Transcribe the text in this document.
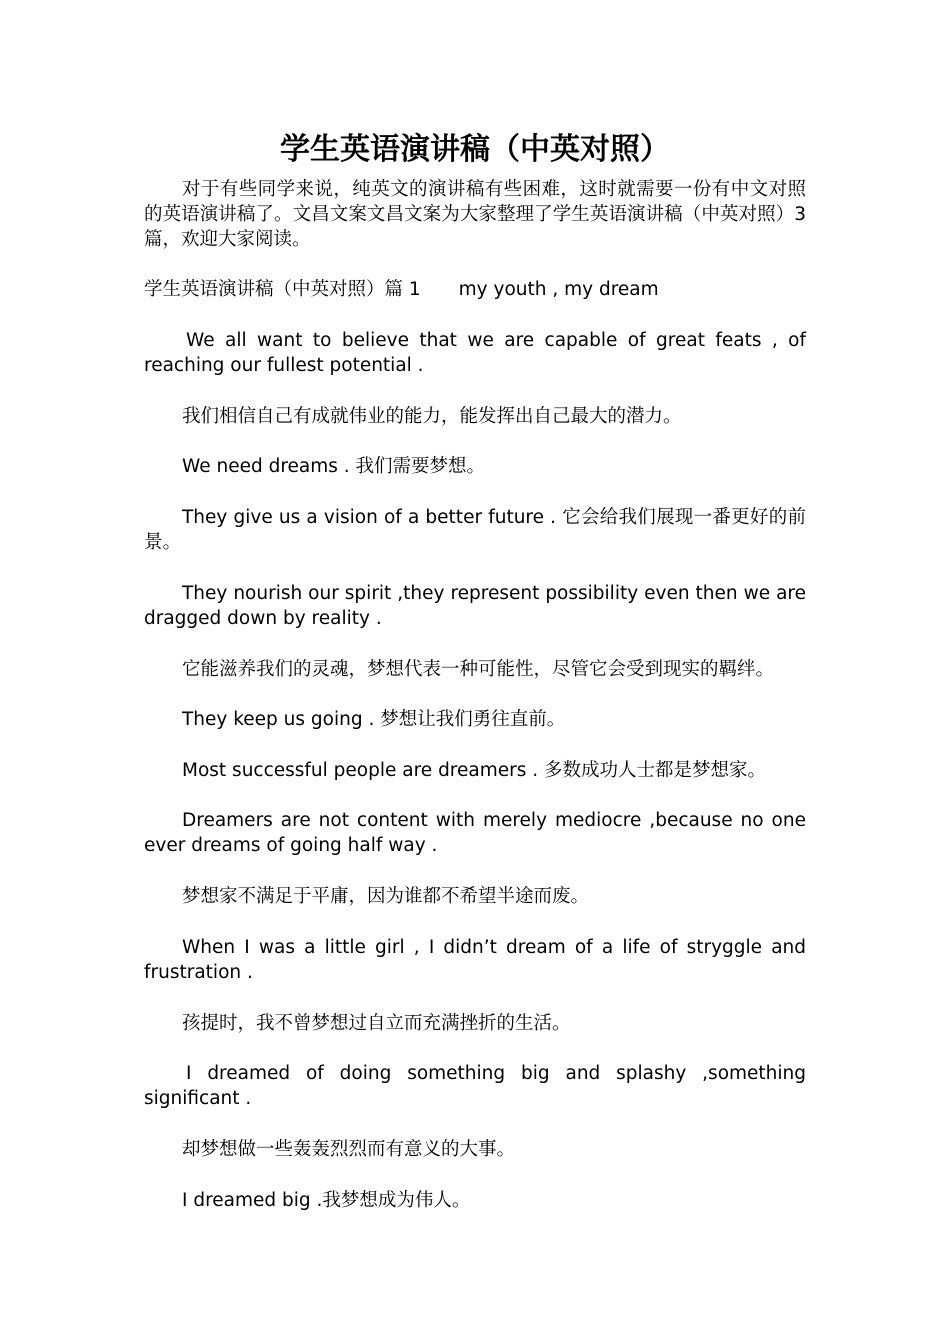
学生英语演讲稿（中英对照）

对于有些同学来说，纯英文的演讲稿有些困难，这时就需要一份有中文对照的英语演讲稿了。文昌文案文昌文案为大家整理了学生英语演讲稿（中英对照）3 篇，欢迎大家阅读。

学生英语演讲稿（中英对照）篇 1 my youth , my dream

We all want to believe that we are capable of great feats , of reaching our fullest potential .

我们相信自己有成就伟业的能力，能发挥出自己最大的潜力。

We need dreams . 我们需要梦想。

They give us a vision of a better future . 它会给我们展现一番更好的前景。

They nourish our spirit ,they represent possibility even then we are dragged down by reality .

它能滋养我们的灵魂，梦想代表一种可能性，尽管它会受到现实的羁绊。

They keep us going . 梦想让我们勇往直前。

Most successful people are dreamers . 多数成功人士都是梦想家。

Dreamers are not content with merely mediocre ,because no one ever dreams of going half way .

梦想家不满足于平庸，因为谁都不希望半途而废。

When I was a little girl , I didn’t dream of a life of stryggle and frustration .

孩提时，我不曾梦想过自立而充满挫折的生活。

I dreamed of doing something big and splashy ,something significant .

却梦想做一些轰轰烈烈而有意义的大事。

I dreamed big .我梦想成为伟人。
